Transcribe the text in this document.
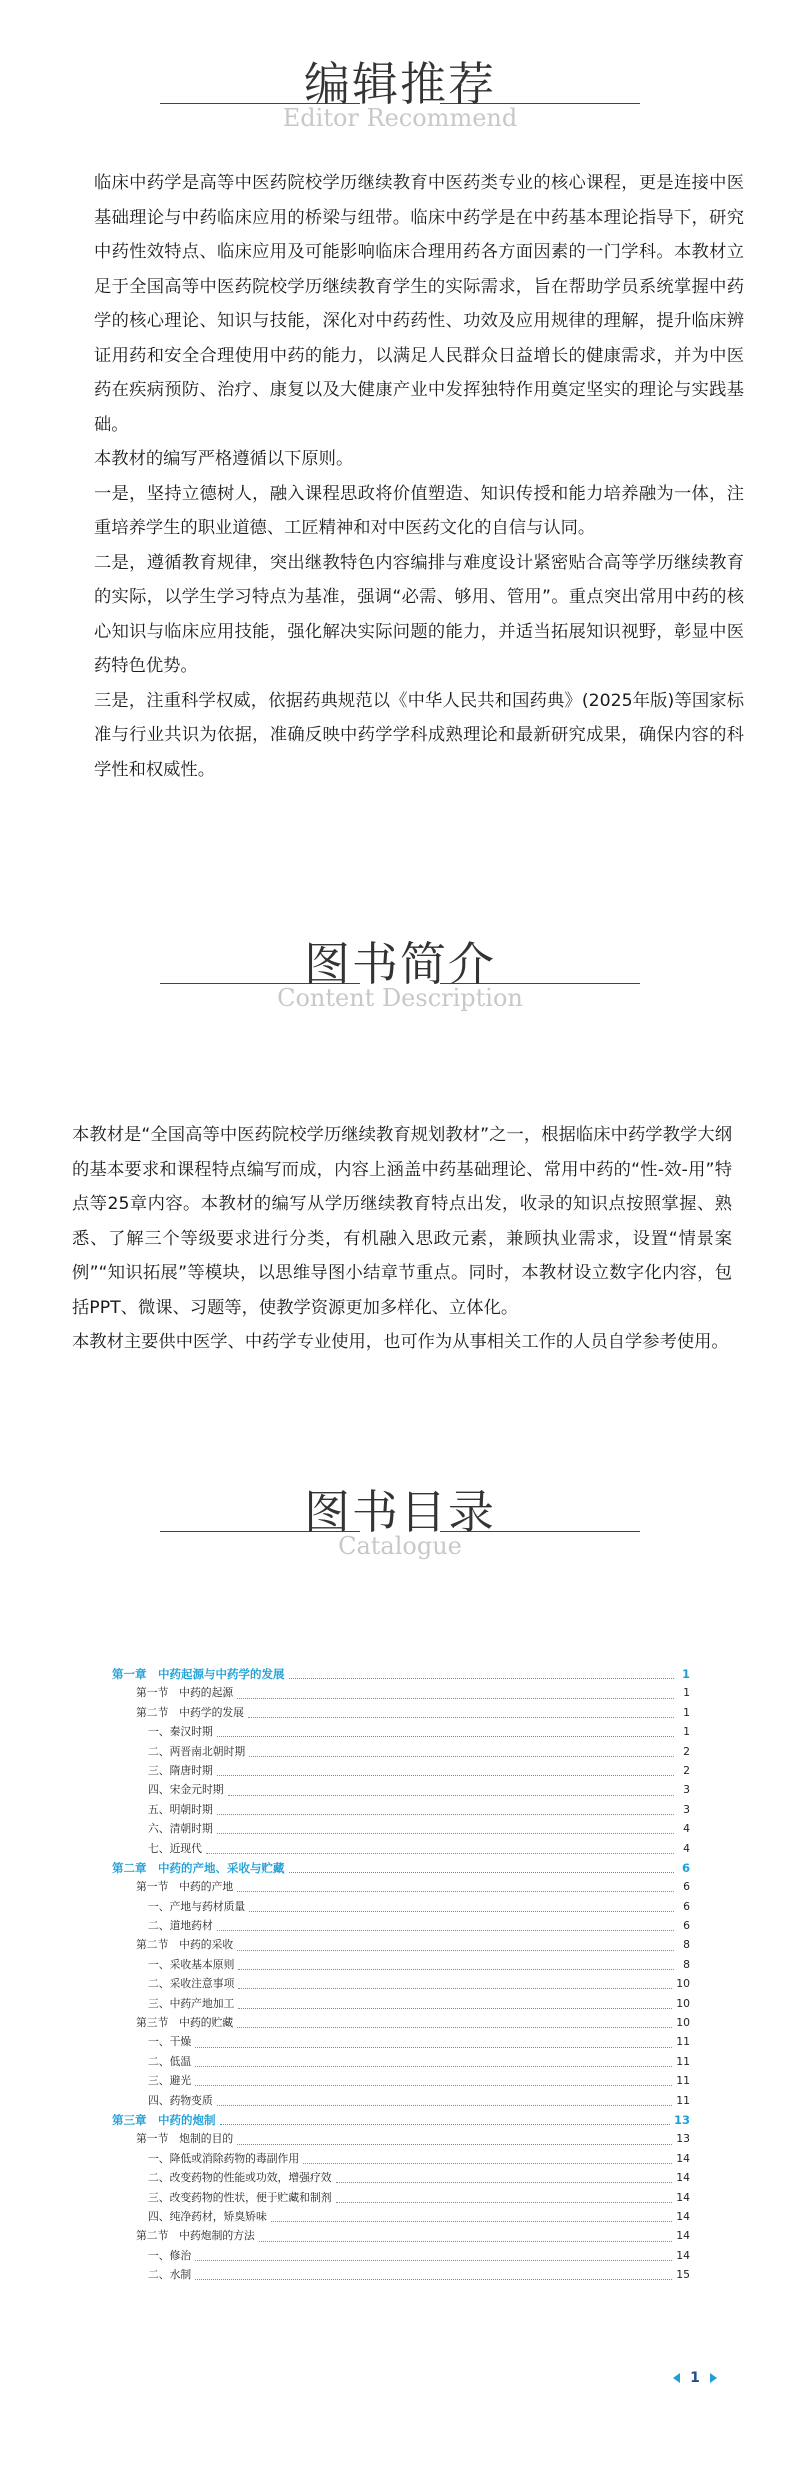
编辑推荐
Editor Recommend

临床中药学是高等中医药院校学历继续教育中医药类专业的核心课程，更是连接中医基础理论与中药临床应用的桥梁与纽带。临床中药学是在中药基本理论指导下，研究中药性效特点、临床应用及可能影响临床合理用药各方面因素的一门学科。本教材立足于全国高等中医药院校学历继续教育学生的实际需求，旨在帮助学员系统掌握中药学的核心理论、知识与技能，深化对中药药性、功效及应用规律的理解，提升临床辨证用药和安全合理使用中药的能力，以满足人民群众日益增长的健康需求，并为中医药在疾病预防、治疗、康复以及大健康产业中发挥独特作用奠定坚实的理论与实践基础。

本教材的编写严格遵循以下原则。

一是，坚持立德树人，融入课程思政将价值塑造、知识传授和能力培养融为一体，注重培养学生的职业道德、工匠精神和对中医药文化的自信与认同。

二是，遵循教育规律，突出继教特色内容编排与难度设计紧密贴合高等学历继续教育的实际，以学生学习特点为基准，强调“必需、够用、管用”。重点突出常用中药的核心知识与临床应用技能，强化解决实际问题的能力，并适当拓展知识视野，彰显中医药特色优势。

三是，注重科学权威，依据药典规范以《中华人民共和国药典》(2025年版)等国家标准与行业共识为依据，准确反映中药学学科成熟理论和最新研究成果，确保内容的科学性和权威性。

图书简介
Content Description

本教材是“全国高等中医药院校学历继续教育规划教材”之一，根据临床中药学教学大纲的基本要求和课程特点编写而成，内容上涵盖中药基础理论、常用中药的“性-效-用”特点等25章内容。本教材的编写从学历继续教育特点出发，收录的知识点按照掌握、熟悉、了解三个等级要求进行分类，有机融入思政元素，兼顾执业需求，设置“情景案例”“知识拓展”等模块，以思维导图小结章节重点。同时，本教材设立数字化内容，包括PPT、微课、习题等，使教学资源更加多样化、立体化。

本教材主要供中医学、中药学专业使用，也可作为从事相关工作的人员自学参考使用。

图书目录
Catalogue
第一章　中药起源与中药学的发展	1
第一节　中药的起源	1
第二节　中药学的发展	1
一、秦汉时期	1
二、两晋南北朝时期	2
三、隋唐时期	2
四、宋金元时期	3
五、明朝时期	3
六、清朝时期	4
七、近现代	4
第二章　中药的产地、采收与贮藏	6
第一节　中药的产地	6
一、产地与药材质量	6
二、道地药材	6
第二节　中药的采收	8
一、采收基本原则	8
二、采收注意事项	10
三、中药产地加工	10
第三节　中药的贮藏	10
一、干燥	11
二、低温	11
三、避光	11
四、药物变质	11
第三章　中药的炮制	13
第一节　炮制的目的	13
一、降低或消除药物的毒副作用	14
二、改变药物的性能或功效，增强疗效	14
三、改变药物的性状，便于贮藏和制剂	14
四、纯净药材，矫臭矫味	14
第二节　中药炮制的方法	14
一、修治	14
二、水制	15
1
